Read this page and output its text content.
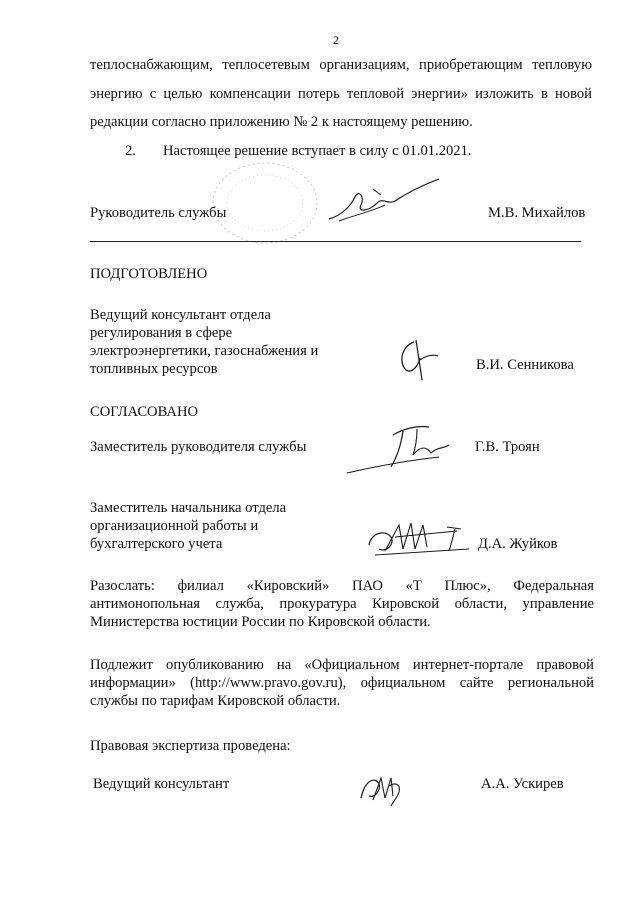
2
теплоснабжающим, теплосетевым организациям, приобретающим тепловую
энергию с целью компенсации потерь тепловой энергии» изложить в новой
редакции согласно приложению № 2 к настоящему решению.
2. Настоящее решение вступает в силу с 01.01.2021.
Руководитель службы	М.В. Михайлов
ПОДГОТОВЛЕНО
Ведущий консультант отдела
регулирования в сфере
электроэнергетики, газоснабжения и
топливных ресурсов	В.И. Сенникова
СОГЛАСОВАНО
Заместитель руководителя службы	Г.В. Троян
Заместитель начальника отдела
организационной работы и
бухгалтерского учета	Д.А. Жуйков
Разослать: филиал «Кировский» ПАО «Т Плюс», Федеральная
антимонопольная служба, прокуратура Кировской области, управление
Министерства юстиции России по Кировской области.
Подлежит опубликованию на «Официальном интернет-портале правовой
информации» (http://www.pravo.gov.ru), официальном сайте региональной
службы по тарифам Кировской области.
Правовая экспертиза проведена:
Ведущий консультант	А.А. Ускирев
